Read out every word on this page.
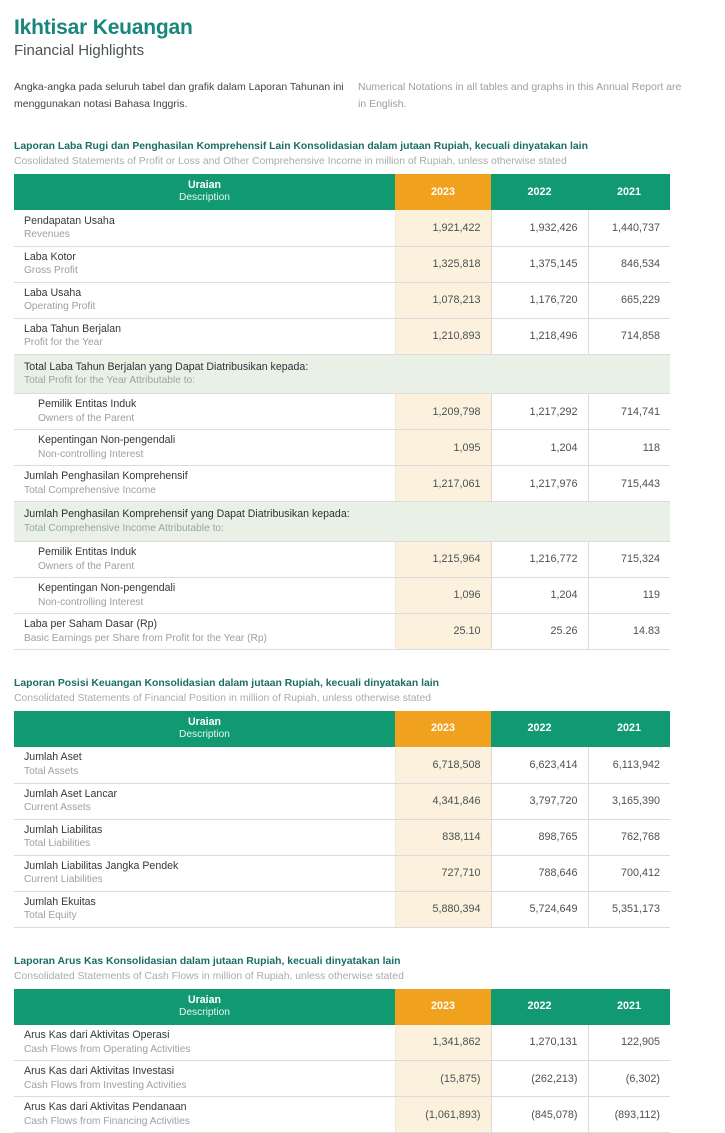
Ikhtisar Keuangan
Financial Highlights

Angka-angka pada seluruh tabel dan grafik dalam Laporan Tahunan ini menggunakan notasi Bahasa Inggris.

Numerical Notations in all tables and graphs in this Annual Report are in English.

Laporan Laba Rugi dan Penghasilan Komprehensif Lain Konsolidasian dalam jutaan Rupiah, kecuali dinyatakan lain
Cosolidated Statements of Profit or Loss and Other Comprehensive Income in million of Rupiah, unless otherwise stated
Uraian
Description	2023	2022	2021

Pendapatan Usaha
Revenues	1,921,422	1,932,426	1,440,737

Laba Kotor
Gross Profit	1,325,818	1,375,145	846,534

Laba Usaha
Operating Profit	1,078,213	1,176,720	665,229

Laba Tahun Berjalan
Profit for the Year	1,210,893	1,218,496	714,858

Total Laba Tahun Berjalan yang Dapat Diatribusikan kepada:
Total Profit for the Year Attributable to:			

Pemilik Entitas Induk
Owners of the Parent	1,209,798	1,217,292	714,741

Kepentingan Non-pengendali
Non-controlling Interest	1,095	1,204	118

Jumlah Penghasilan Komprehensif
Total Comprehensive Income	1,217,061	1,217,976	715,443

Jumlah Penghasilan Komprehensif yang Dapat Diatribusikan kepada:
Total Comprehensive Income Attributable to:			

Pemilik Entitas Induk
Owners of the Parent	1,215,964	1,216,772	715,324

Kepentingan Non-pengendali
Non-controlling Interest	1,096	1,204	119

Laba per Saham Dasar (Rp)
Basic Earnings per Share from Profit for the Year (Rp)	25.10	25.26	14.83
Laporan Posisi Keuangan Konsolidasian dalam jutaan Rupiah, kecuali dinyatakan lain
Consolidated Statements of Financial Position in million of Rupiah, unless otherwise stated
Uraian
Description	2023	2022	2021

Jumlah Aset
Total Assets	6,718,508	6,623,414	6,113,942

Jumlah Aset Lancar
Current Assets	4,341,846	3,797,720	3,165,390

Jumlah Liabilitas
Total Liabilities	838,114	898,765	762,768

Jumlah Liabilitas Jangka Pendek
Current Liabilities	727,710	788,646	700,412

Jumlah Ekuitas
Total Equity	5,880,394	5,724,649	5,351,173
Laporan Arus Kas Konsolidasian dalam jutaan Rupiah, kecuali dinyatakan lain
Consolidated Statements of Cash Flows in million of Rupiah, unless otherwise stated
Uraian
Description	2023	2022	2021

Arus Kas dari Aktivitas Operasi
Cash Flows from Operating Activities	1,341,862	1,270,131	122,905

Arus Kas dari Aktivitas Investasi
Cash Flows from Investing Activities	(15,875)	(262,213)	(6,302)

Arus Kas dari Aktivitas Pendanaan
Cash Flows from Financing Activities	(1,061,893)	(845,078)	(893,112)
